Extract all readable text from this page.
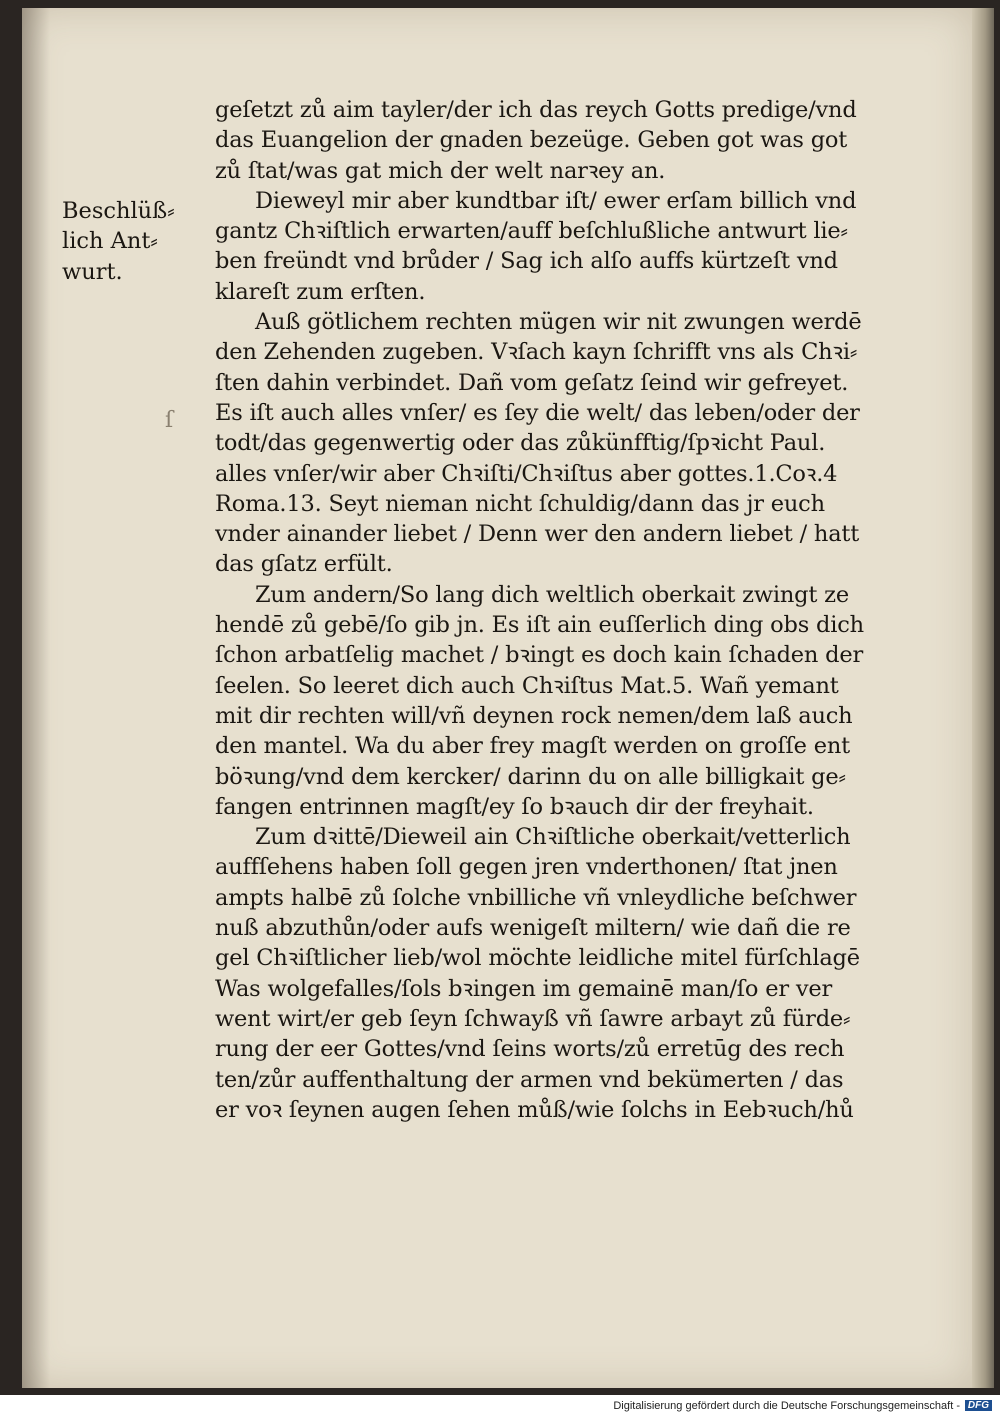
Beschlüß⸗
lich Ant⸗
wurt.
ſ
geſetzt zů aim tayler/der ich das reych Gotts predige/vnd
das Euangelion der gnaden bezeüge. Geben got was got
zů ſtat/was gat mich der welt narꝛey an.
Dieweyl mir aber kundtbar iſt/ ewer erſam billich vnd
gantz Chꝛiſtlich erwarten/auff beſchlußliche antwurt lie⸗
ben freündt vnd brůder / Sag ich alſo auffs kürtzeſt vnd
klareſt zum erſten.
Auß götlichem rechten mügen wir nit zwungen werdē
den Zehenden zugeben. Vꝛſach kayn ſchrifft vns als Chꝛi⸗
ſten dahin verbindet. Dañ vom geſatz ſeind wir gefreyet.
Es iſt auch alles vnſer/ es ſey die welt/ das leben/oder der
todt/das gegenwertig oder das zůkünfftig/ſpꝛicht Paul.
alles vnſer/wir aber Chꝛiſti/Chꝛiſtus aber gottes.1.Coꝛ.4
Roma.13. Seyt nieman nicht ſchuldig/dann das jr euch
vnder ainander liebet / Denn wer den andern liebet / hatt
das gſatz erfült.
Zum andern/So lang dich weltlich oberkait zwingt ze
hendē zů gebē/ſo gib jn. Es iſt ain euſſerlich ding obs dich
ſchon arbatſelig machet / bꝛingt es doch kain ſchaden der
ſeelen. So leeret dich auch Chꝛiſtus Mat.5. Wañ yemant
mit dir rechten will/vñ deynen rock nemen/dem laß auch
den mantel. Wa du aber frey magſt werden on groſſe ent
böꝛung/vnd dem kercker/ darinn du on alle billigkait ge⸗
fangen entrinnen magſt/ey ſo bꝛauch dir der freyhait.
Zum dꝛittē/Dieweil ain Chꝛiſtliche oberkait/vetterlich
auffſehens haben ſoll gegen jren vnderthonen/ ſtat jnen
ampts halbē zů ſolche vnbilliche vñ vnleydliche beſchwer
nuß abzuthůn/oder aufs wenigeſt miltern/ wie dañ die re
gel Chꝛiſtlicher lieb/wol möchte leidliche mitel fürſchlagē
Was wolgefalles/ſols bꝛingen im gemainē man/ſo er ver
went wirt/er geb ſeyn ſchwayß vñ ſawre arbayt zů fürde⸗
rung der eer Gottes/vnd ſeins worts/zů erretūg des rech
ten/zůr auffenthaltung der armen vnd bekümerten / das
er voꝛ ſeynen augen ſehen můß/wie ſolchs in Eebꝛuch/hů
Digitalisierung gefördert durch die Deutsche Forschungsgemeinschaft - DFG
